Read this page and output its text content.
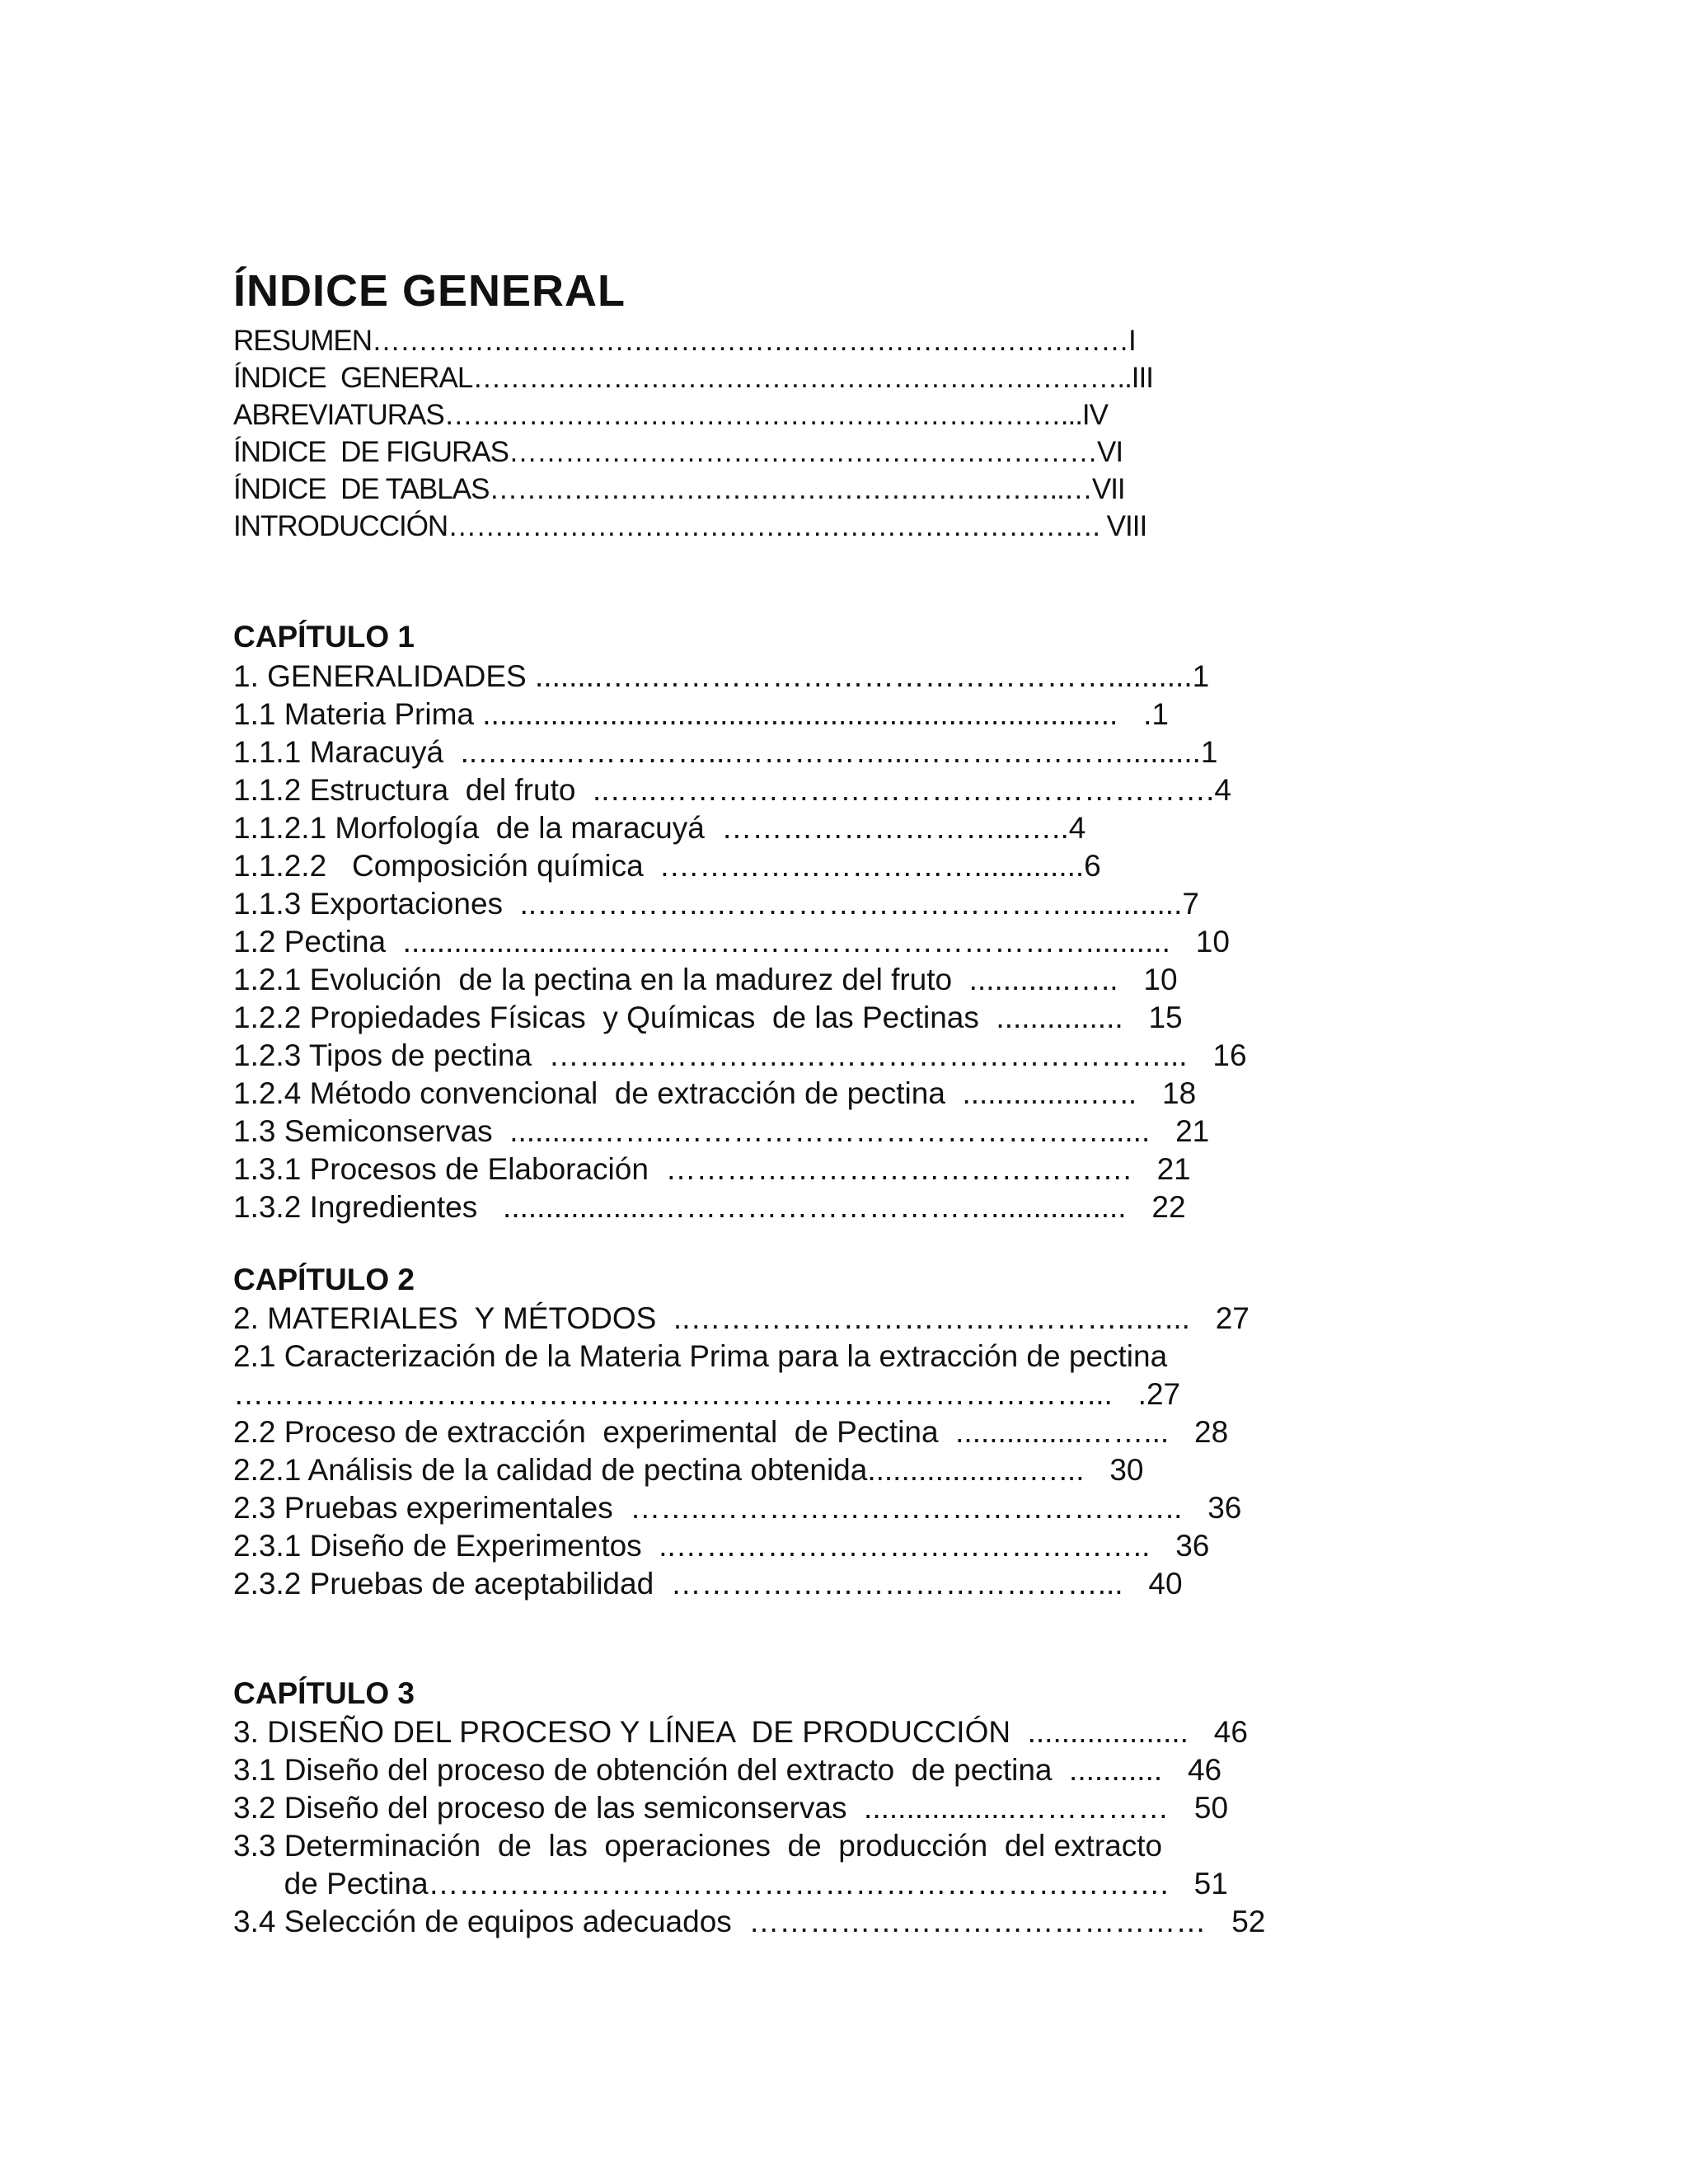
ÍNDICE GENERAL
RESUMEN………………………………………………………………………I
ÍNDICE  GENERAL……………………………………………………………..III
ABREVIATURAS…………………………………………………………...IV
ÍNDICE  DE FIGURAS………………………………………………………VI
ÍNDICE  DE TABLAS……………………………………………………..…VII
INTRODUCCIÓN……………………………………………………………. VIII
CAPÍTULO 1
1. GENERALIDADES ........…..………………………………………..........1
1.1 Materia Prima ...........................................................................   .1
1.1.1 Maracuyá  ..……..……………...……………...………………….........1
1.1.2 Estructura  del fruto  ..…..……………………………………………….4
1.1.2.1 Morfología  de la maracuyá  ………………………...…..4
1.1.2.2   Composición química  .………………………….............6
1.1.3 Exportaciones  ..……………..……………………………….............7
1.2 Pectina  .......................…………………………………………..........   10
1.2.1 Evolución  de la pectina en la madurez del fruto  ............…..   10
1.2.2 Propiedades Físicas  y Químicas  de las Pectinas  ...............   15
1.2.3 Tipos de pectina  ……..……………..………………………………...   16
1.2.4 Método convencional  de extracción de pectina  ...............…..   18
1.3 Semiconservas  ..........……..……………………………………......   21
1.3.1 Procesos de Elaboración  ……………………………………….   21
1.3.2 Ingredientes   ..................……………………………................   22
CAPÍTULO 2
2. MATERIALES  Y MÉTODOS  ..……………………………………..…...   27
2.1 Caracterización de la Materia Prima para la extracción de pectina
…………………………………………………………………………...   .27
2.2 Proceso de extracción  experimental  de Pectina  ...............……...   28
2.2.1 Análisis de la calidad de pectina obtenida...................…...   30
2.3 Pruebas experimentales  ……..………………………………………..   36
2.3.1 Diseño de Experimentos  ..………………………………………..   36
2.3.2 Pruebas de aceptabilidad  ……………………………………...   40
CAPÍTULO 3
3. DISEÑO DEL PROCESO Y LÍNEA  DE PRODUCCIÓN  ...................   46
3.1 Diseño del proceso de obtención del extracto  de pectina  ...........   46
3.2 Diseño del proceso de las semiconservas  ..................……………   50
3.3 Determinación  de  las  operaciones  de  producción  del extracto
de Pectina……………………………………………………………….   51
3.4 Selección de equipos adecuados  ………………………………………   52
